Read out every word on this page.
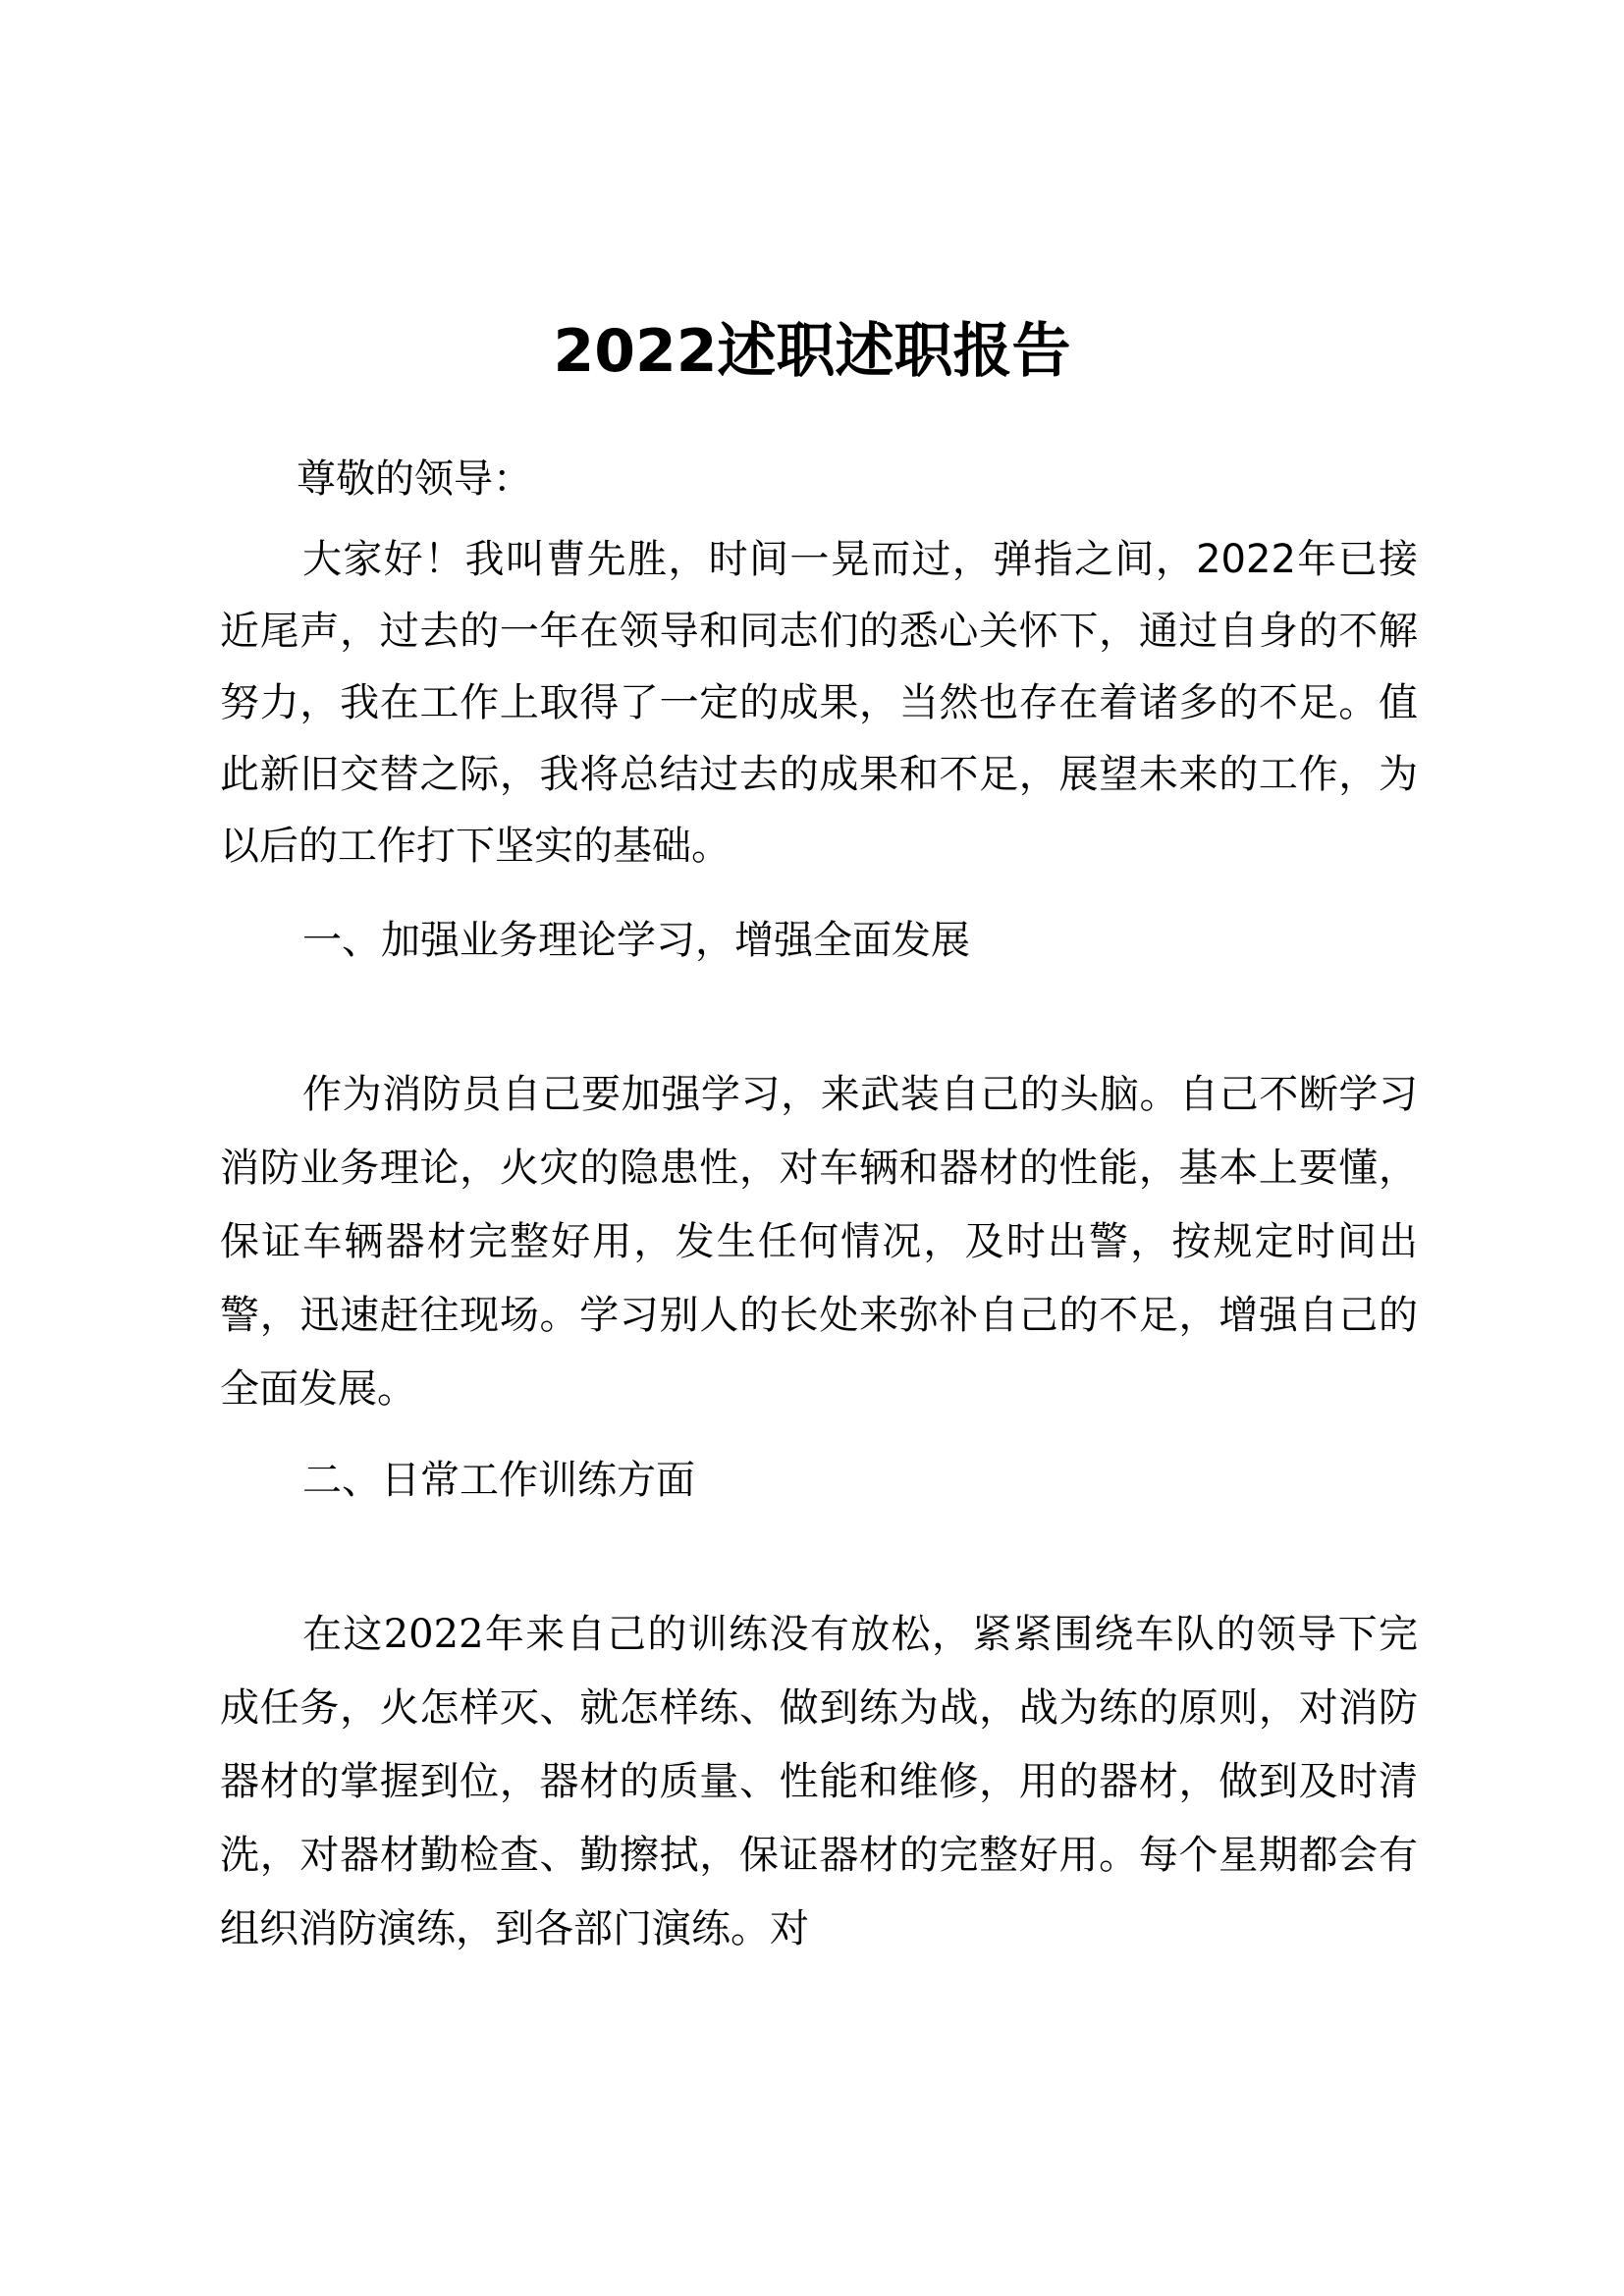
2022述职述职报告

尊敬的领导：

大家好！我叫曹先胜，时间一晃而过，弹指之间，2022年已接近尾声，过去的一年在领导和同志们的悉心关怀下，通过自身的不解努力，我在工作上取得了一定的成果，当然也存在着诸多的不足。值此新旧交替之际，我将总结过去的成果和不足，展望未来的工作，为以后的工作打下坚实的基础。

一、加强业务理论学习，增强全面发展

作为消防员自己要加强学习，来武装自己的头脑。自己不断学习消防业务理论，火灾的隐患性，对车辆和器材的性能，基本上要懂，保证车辆器材完整好用，发生任何情况，及时出警，按规定时间出警，迅速赶往现场。学习别人的长处来弥补自己的不足，增强自己的全面发展。

二、日常工作训练方面

在这2022年来自己的训练没有放松，紧紧围绕车队的领导下完成任务，火怎样灭、就怎样练、做到练为战，战为练的原则，对消防器材的掌握到位，器材的质量、性能和维修，用的器材，做到及时清洗，对器材勤检查、勤擦拭，保证器材的完整好用。每个星期都会有组织消防演练，到各部门演练。对
